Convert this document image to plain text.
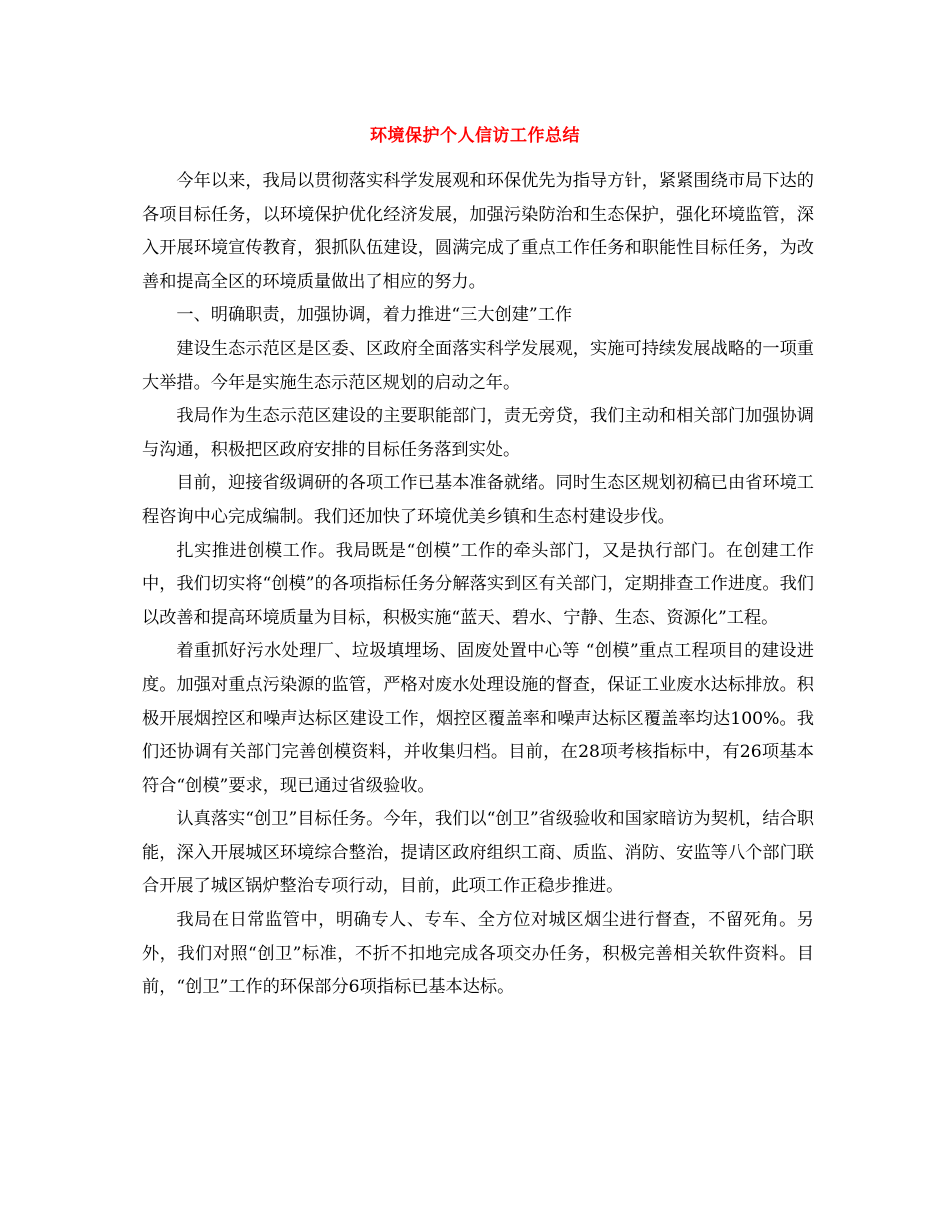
环境保护个人信访工作总结

今年以来，我局以贯彻落实科学发展观和环保优先为指导方针，紧紧围绕市局下达的各项目标任务，以环境保护优化经济发展，加强污染防治和生态保护，强化环境监管，深入开展环境宣传教育，狠抓队伍建设，圆满完成了重点工作任务和职能性目标任务，为改善和提高全区的环境质量做出了相应的努力。

一、明确职责，加强协调，着力推进“三大创建”工作

建设生态示范区是区委、区政府全面落实科学发展观，实施可持续发展战略的一项重大举措。今年是实施生态示范区规划的启动之年。

我局作为生态示范区建设的主要职能部门，责无旁贷，我们主动和相关部门加强协调与沟通，积极把区政府安排的目标任务落到实处。

目前，迎接省级调研的各项工作已基本准备就绪。同时生态区规划初稿已由省环境工程咨询中心完成编制。我们还加快了环境优美乡镇和生态村建设步伐。

扎实推进创模工作。我局既是“创模”工作的牵头部门，又是执行部门。在创建工作中，我们切实将“创模”的各项指标任务分解落实到区有关部门，定期排查工作进度。我们以改善和提高环境质量为目标，积极实施“蓝天、碧水、宁静、生态、资源化”工程。

着重抓好污水处理厂、垃圾填埋场、固废处置中心等 “创模”重点工程项目的建设进度。加强对重点污染源的监管，严格对废水处理设施的督查，保证工业废水达标排放。积极开展烟控区和噪声达标区建设工作，烟控区覆盖率和噪声达标区覆盖率均达100%。我们还协调有关部门完善创模资料，并收集归档。目前，在28项考核指标中，有26项基本符合“创模”要求，现已通过省级验收。

认真落实“创卫”目标任务。今年，我们以“创卫”省级验收和国家暗访为契机，结合职能，深入开展城区环境综合整治，提请区政府组织工商、质监、消防、安监等八个部门联合开展了城区锅炉整治专项行动，目前，此项工作正稳步推进。

我局在日常监管中，明确专人、专车、全方位对城区烟尘进行督查，不留死角。另外，我们对照“创卫”标准，不折不扣地完成各项交办任务，积极完善相关软件资料。目前，“创卫”工作的环保部分6项指标已基本达标。
